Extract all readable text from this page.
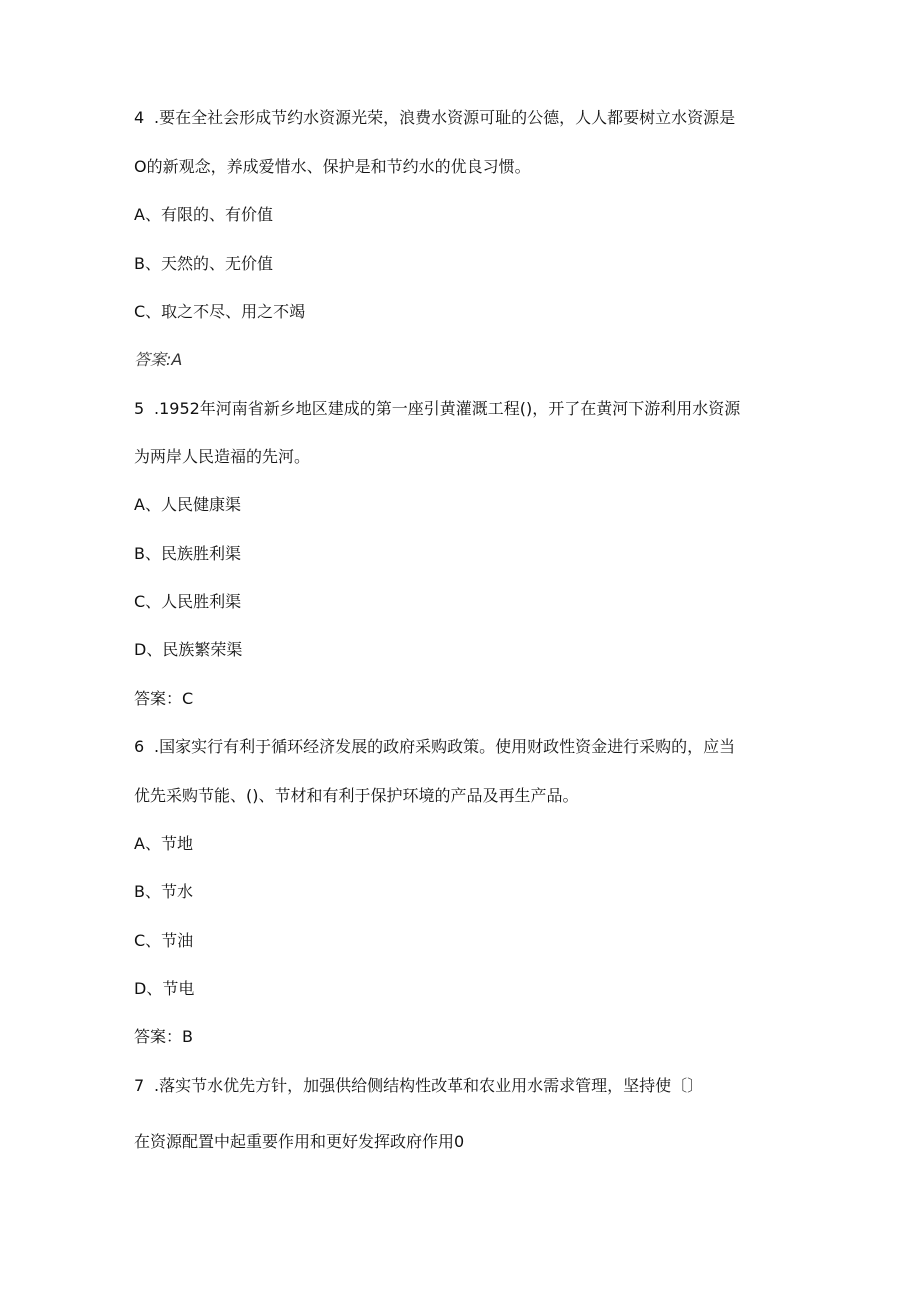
4 .要在全社会形成节约水资源光荣，浪费水资源可耻的公德，人人都要树立水资源是
O的新观念，养成爱惜水、保护是和节约水的优良习惯。
A、有限的、有价值
B、天然的、无价值
C、取之不尽、用之不竭
答案:A
5 .1952年河南省新乡地区建成的第一座引黄灌溉工程()，开了在黄河下游利用水资源
为两岸人民造福的先河。
A、人民健康渠
B、民族胜利渠
C、人民胜利渠
D、民族繁荣渠
答案：C
6 .国家实行有利于循环经济发展的政府采购政策。使用财政性资金进行采购的，应当
优先采购节能、()、节材和有利于保护环境的产品及再生产品。
A、节地
B、节水
C、节油
D、节电
答案：B
7 .落实节水优先方针，加强供给侧结构性改革和农业用水需求管理，坚持使〔〕
在资源配置中起重要作用和更好发挥政府作用0
